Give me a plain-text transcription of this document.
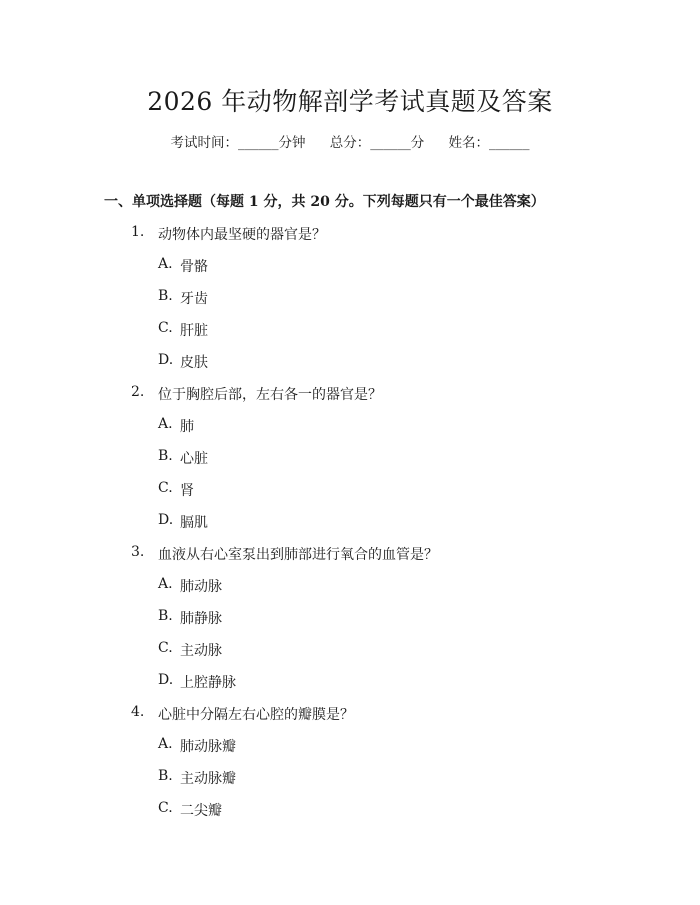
2026 年动物解剖学考试真题及答案
考试时间：______分钟 总分：______分 姓名：______
一、单项选择题（每题 1 分，共 20 分。下列每题只有一个最佳答案）
1. 动物体内最坚硬的器官是？
A. 骨骼
B. 牙齿
C. 肝脏
D. 皮肤
2. 位于胸腔后部，左右各一的器官是？
A. 肺
B. 心脏
C. 肾
D. 膈肌
3. 血液从右心室泵出到肺部进行氧合的血管是？
A. 肺动脉
B. 肺静脉
C. 主动脉
D. 上腔静脉
4. 心脏中分隔左右心腔的瓣膜是？
A. 肺动脉瓣
B. 主动脉瓣
C. 二尖瓣
